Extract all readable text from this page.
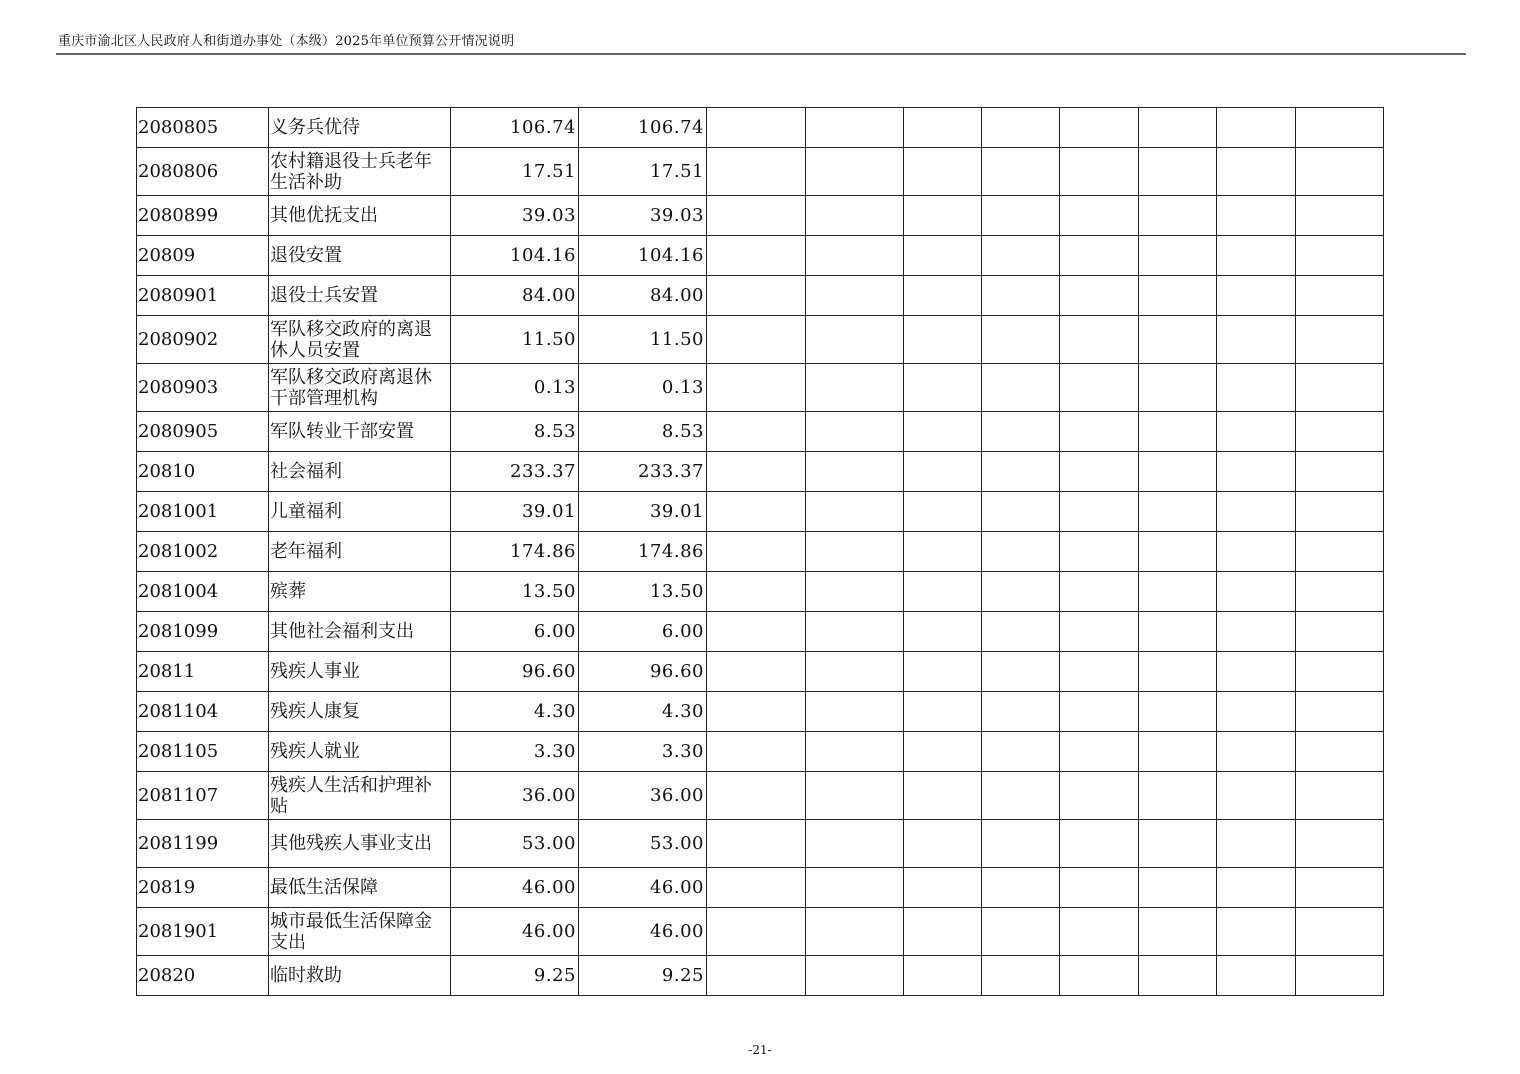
重庆市渝北区人民政府人和街道办事处（本级）2025年单位预算公开情况说明
2080805	义务兵优待	106.74	106.74								
2080806	农村籍退役士兵老年生活补助	17.51	17.51								
2080899	其他优抚支出	39.03	39.03								
20809	退役安置	104.16	104.16								
2080901	退役士兵安置	84.00	84.00								
2080902	军队移交政府的离退休人员安置	11.50	11.50								
2080903	军队移交政府离退休干部管理机构	0.13	0.13								
2080905	军队转业干部安置	8.53	8.53								
20810	社会福利	233.37	233.37								
2081001	儿童福利	39.01	39.01								
2081002	老年福利	174.86	174.86								
2081004	殡葬	13.50	13.50								
2081099	其他社会福利支出	6.00	6.00								
20811	残疾人事业	96.60	96.60								
2081104	残疾人康复	4.30	4.30								
2081105	残疾人就业	3.30	3.30								
2081107	残疾人生活和护理补贴	36.00	36.00								
2081199	其他残疾人事业支出	53.00	53.00								
20819	最低生活保障	46.00	46.00								
2081901	城市最低生活保障金支出	46.00	46.00								
20820	临时救助	9.25	9.25								
-21-
